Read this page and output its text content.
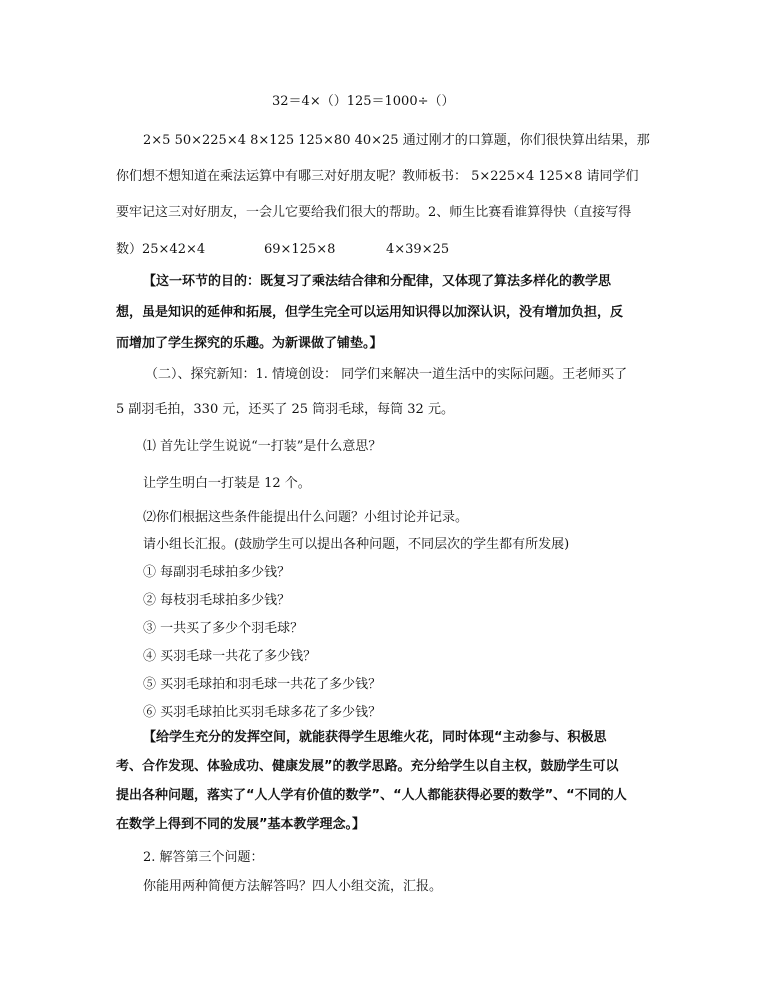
32＝4×（）125＝1000÷（）
2×5 50×225×4 8×125 125×80 40×25 通过刚才的口算题，你们很快算出结果，那
你们想不想知道在乘法运算中有哪三对好朋友呢？教师板书： 5×225×4 125×8 请同学们
要牢记这三对好朋友，一会儿它要给我们很大的帮助。2、师生比赛看谁算得快（直接写得
数）25×42×4	69×125×8	4×39×25
【这一环节的目的：既复习了乘法结合律和分配律，又体现了算法多样化的教学思
想，虽是知识的延伸和拓展，但学生完全可以运用知识得以加深认识，没有增加负担，反
而增加了学生探究的乐趣。为新课做了铺垫。】
（二）、探究新知：1. 情境创设： 同学们来解决一道生活中的实际问题。王老师买了
5 副羽毛拍，330 元，还买了 25 筒羽毛球，每筒 32 元。
⑴ 首先让学生说说“一打装”是什么意思？
让学生明白一打装是 12 个。
⑵你们根据这些条件能提出什么问题？小组讨论并记录。
请小组长汇报。(鼓励学生可以提出各种问题，不同层次的学生都有所发展)
① 每副羽毛球拍多少钱？
② 每枝羽毛球拍多少钱？
③ 一共买了多少个羽毛球？
④ 买羽毛球一共花了多少钱？
⑤ 买羽毛球拍和羽毛球一共花了多少钱？
⑥ 买羽毛球拍比买羽毛球多花了多少钱？
【给学生充分的发挥空间，就能获得学生思维火花，同时体现“主动参与、积极思
考、合作发现、体验成功、健康发展”的教学思路。充分给学生以自主权，鼓励学生可以
提出各种问题，落实了“人人学有价值的数学”、“人人都能获得必要的数学”、“不同的人
在数学上得到不同的发展”基本教学理念。】
2. 解答第三个问题：
你能用两种简便方法解答吗？四人小组交流，汇报。
